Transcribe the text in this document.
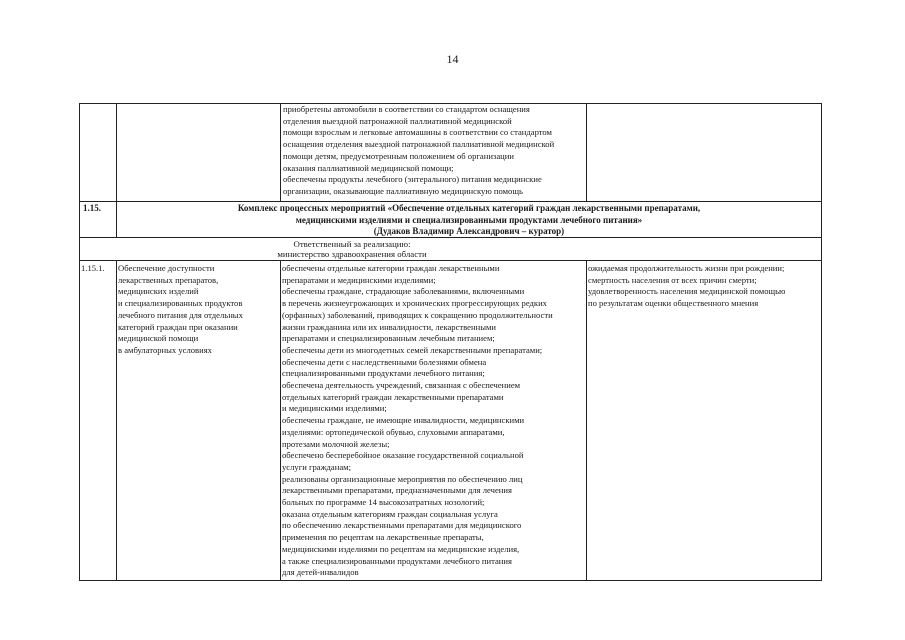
14
приобретены автомобили в соответствии со стандартом оснащения
отделения выездной патронажной паллиативной медицинской
помощи взрослым и легковые автомашины в соответствии со стандартом
оснащения отделения выездной патронажной паллиативной медицинской
помощи детям, предусмотренным положением об организации
оказания паллиативной медицинской помощи;
обеспечены продукты лечебного (энтерального) питания медицинские
организации, оказывающие паллиативную медицинскую помощь
1.15.	Комплекс процессных мероприятий «Обеспечение отдельных категорий граждан лекарственными препаратами,
медицинскими изделиями и специализированными продуктами лечебного питания»
(Дудаков Владимир Александрович – куратор)
Ответственный за реализацию:
министерство здравоохранения области
1.15.1.	Обеспечение доступности
лекарственных препаратов,
медицинских изделий
и специализированных продуктов
лечебного питания для отдельных
категорий граждан при оказании
медицинской помощи
в амбулаторных условиях
обеспечены отдельные категории граждан лекарственными
препаратами и медицинскими изделиями;
обеспечены граждане, страдающие заболеваниями, включенными
в перечень жизнеугрожающих и хронических прогрессирующих редких
(орфанных) заболеваний, приводящих к сокращению продолжительности
жизни гражданина или их инвалидности, лекарственными
препаратами и специализированным лечебным питанием;
обеспечены дети из многодетных семей лекарственными препаратами;
обеспечены дети с наследственными болезнями обмена
специализированными продуктами лечебного питания;
обеспечена деятельность учреждений, связанная с обеспечением
отдельных категорий граждан лекарственными препаратами
и медицинскими изделиями;
обеспечены граждане, не имеющие инвалидности, медицинскими
изделиями: ортопедической обувью, слуховыми аппаратами,
протезами молочной железы;
обеспечено бесперебойное оказание государственной социальной
услуги гражданам;
реализованы организационные мероприятия по обеспечению лиц
лекарственными препаратами, предназначенными для лечения
больных по программе 14 высокозатратных нозологий;
оказана отдельным категориям граждан социальная услуга
по обеспечению лекарственными препаратами для медицинского
применения по рецептам на лекарственные препараты,
медицинскими изделиями по рецептам на медицинские изделия,
а также специализированными продуктами лечебного питания
для детей-инвалидов
ожидаемая продолжительность жизни при рождении;
смертность населения от всех причин смерти;
удовлетворенность населения медицинской помощью
по результатам оценки общественного мнения
